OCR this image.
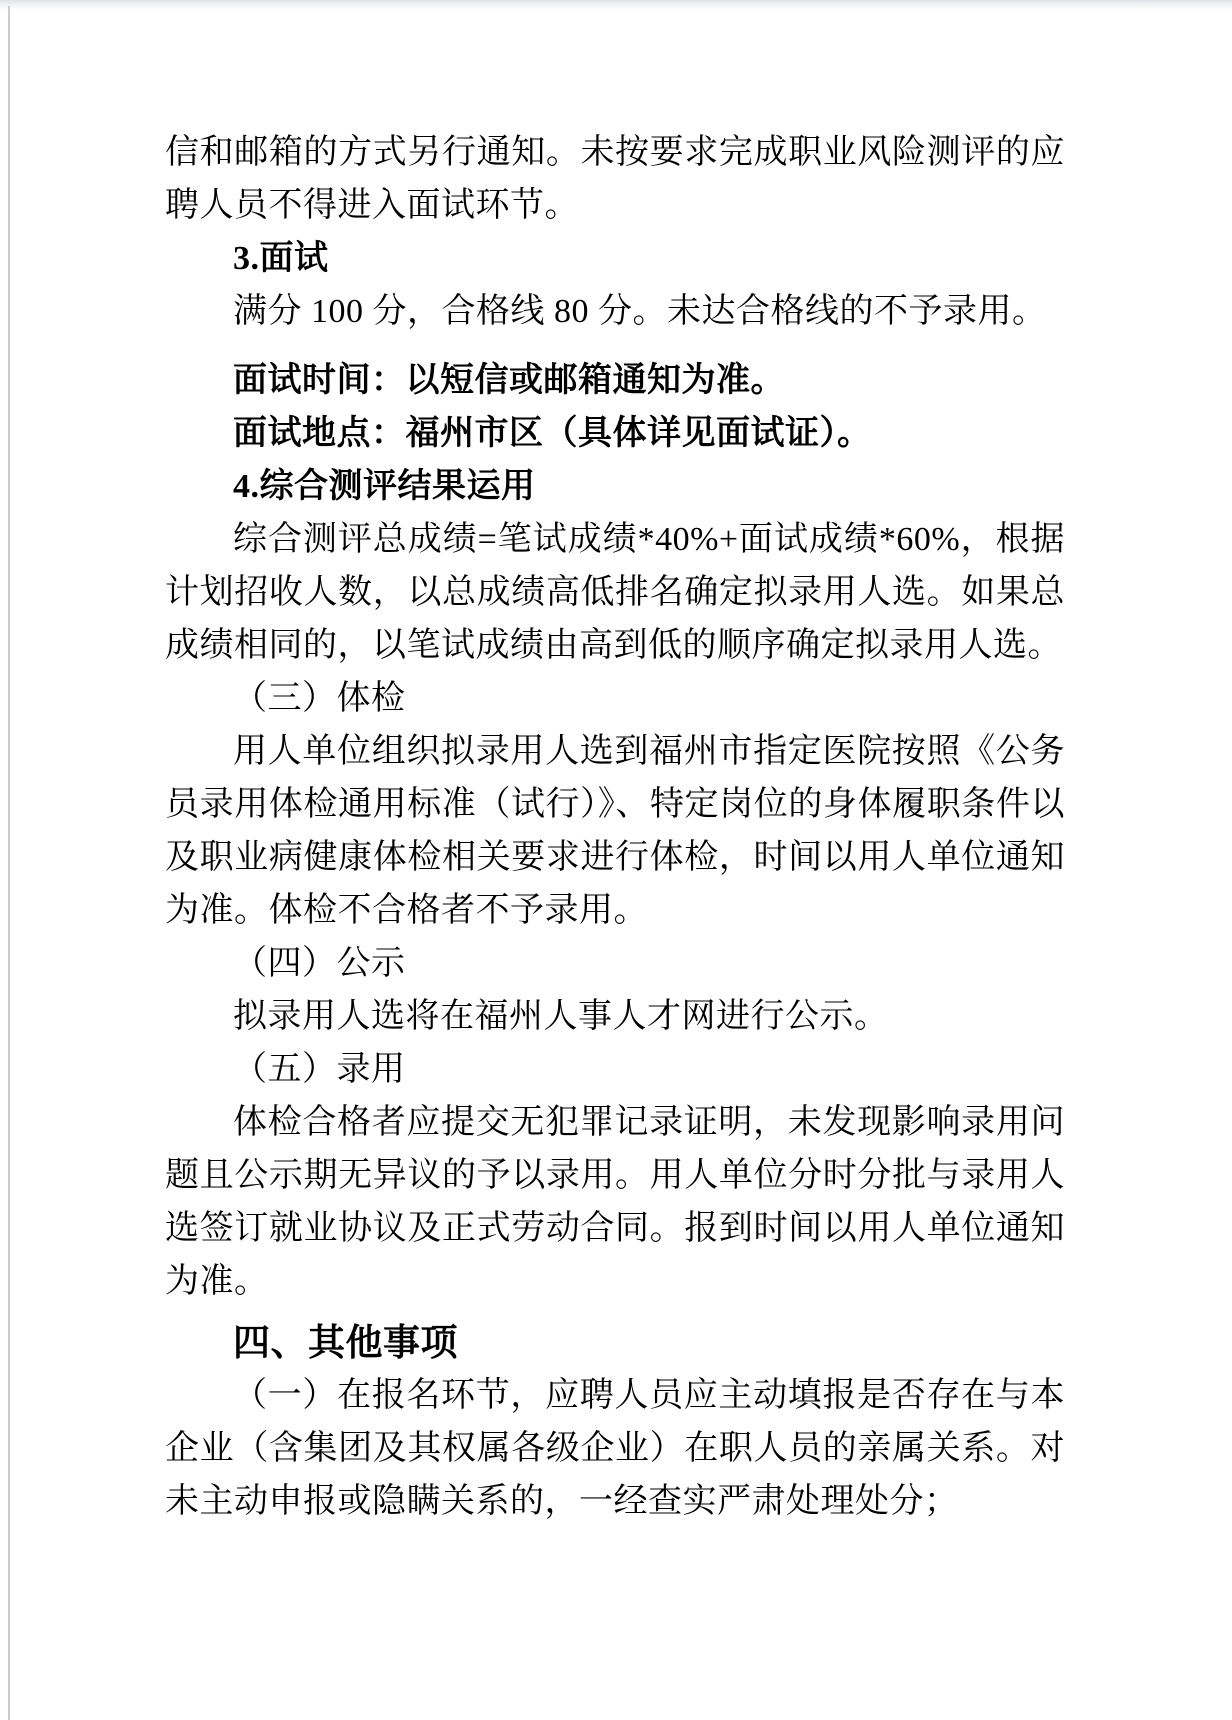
信和邮箱的方式另行通知。未按要求完成职业风险测评的应聘人员不得进入面试环节。

3.面试

满分 100 分，合格线 80 分。未达合格线的不予录用。

面试时间：以短信或邮箱通知为准。

面试地点：福州市区（具体详见面试证）。

4.综合测评结果运用

综合测评总成绩=笔试成绩*40%+面试成绩*60%，根据计划招收人数，以总成绩高低排名确定拟录用人选。如果总成绩相同的，以笔试成绩由高到低的顺序确定拟录用人选。

（三）体检

用人单位组织拟录用人选到福州市指定医院按照《公务员录用体检通用标准（试行）》、特定岗位的身体履职条件以及职业病健康体检相关要求进行体检，时间以用人单位通知为准。体检不合格者不予录用。

（四）公示

拟录用人选将在福州人事人才网进行公示。

（五）录用

体检合格者应提交无犯罪记录证明，未发现影响录用问题且公示期无异议的予以录用。用人单位分时分批与录用人选签订就业协议及正式劳动合同。报到时间以用人单位通知为准。

四、其他事项

（一）在报名环节，应聘人员应主动填报是否存在与本企业（含集团及其权属各级企业）在职人员的亲属关系。对未主动申报或隐瞒关系的，一经查实严肃处理处分；
